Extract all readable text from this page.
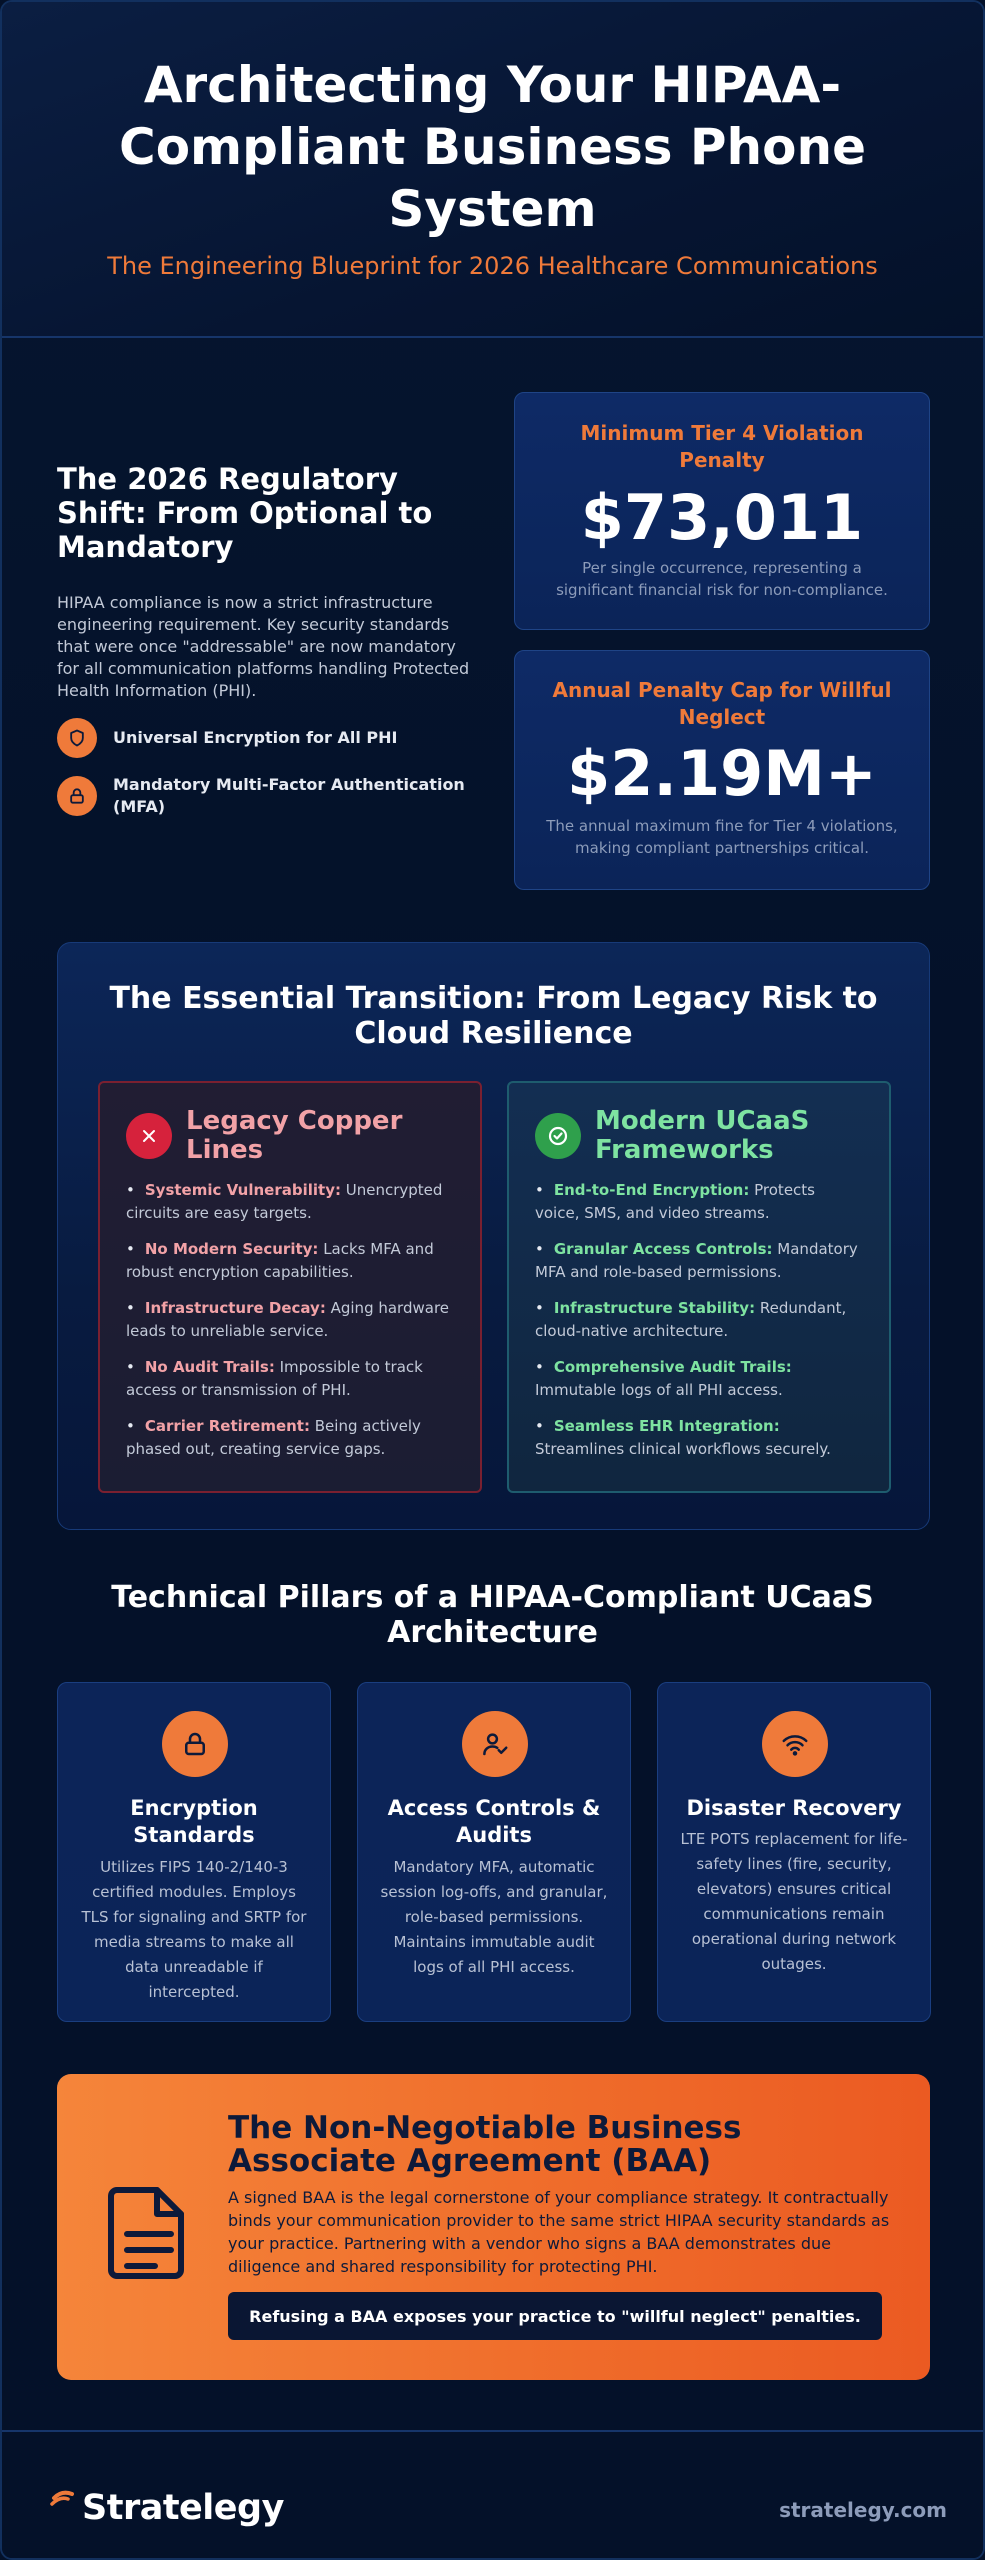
Architecting Your HIPAA-Compliant Business Phone System
The Engineering Blueprint for 2026 Healthcare Communications
The 2026 Regulatory Shift: From Optional to Mandatory

HIPAA compliance is now a strict infrastructure engineering requirement. Key security standards that were once "addressable" are now mandatory for all communication platforms handling Protected Health Information (PHI).

Universal Encryption for All PHI
Mandatory Multi-Factor Authentication (MFA)
Minimum Tier 4 Violation Penalty
$73,011
Per single occurrence, representing a significant financial risk for non-compliance.
Annual Penalty Cap for Willful Neglect
$2.19M+
The annual maximum fine for Tier 4 violations, making compliant partnerships critical.
The Essential Transition: From Legacy Risk to Cloud Resilience
Legacy Copper Lines
• Systemic Vulnerability: Unencrypted circuits are easy targets.
• No Modern Security: Lacks MFA and robust encryption capabilities.
• Infrastructure Decay: Aging hardware leads to unreliable service.
• No Audit Trails: Impossible to track access or transmission of PHI.
• Carrier Retirement: Being actively phased out, creating service gaps.
Modern UCaaS Frameworks
• End-to-End Encryption: Protects voice, SMS, and video streams.
• Granular Access Controls: Mandatory MFA and role-based permissions.
• Infrastructure Stability: Redundant, cloud-native architecture.
• Comprehensive Audit Trails: Immutable logs of all PHI access.
• Seamless EHR Integration: Streamlines clinical workflows securely.
Technical Pillars of a HIPAA-Compliant UCaaS Architecture
Encryption Standards
Utilizes FIPS 140-2/140-3 certified modules. Employs TLS for signaling and SRTP for media streams to make all data unreadable if intercepted.
Access Controls & Audits
Mandatory MFA, automatic session log-offs, and granular, role-based permissions. Maintains immutable audit logs of all PHI access.
Disaster Recovery
LTE POTS replacement for life-safety lines (fire, security, elevators) ensures critical communications remain operational during network outages.
The Non-Negotiable Business Associate Agreement (BAA)

A signed BAA is the legal cornerstone of your compliance strategy. It contractually binds your communication provider to the same strict HIPAA security standards as your practice. Partnering with a vendor who signs a BAA demonstrates due diligence and shared responsibility for protecting PHI.

Refusing a BAA exposes your practice to "willful neglect" penalties.
Stratelegy	stratelegy.com
